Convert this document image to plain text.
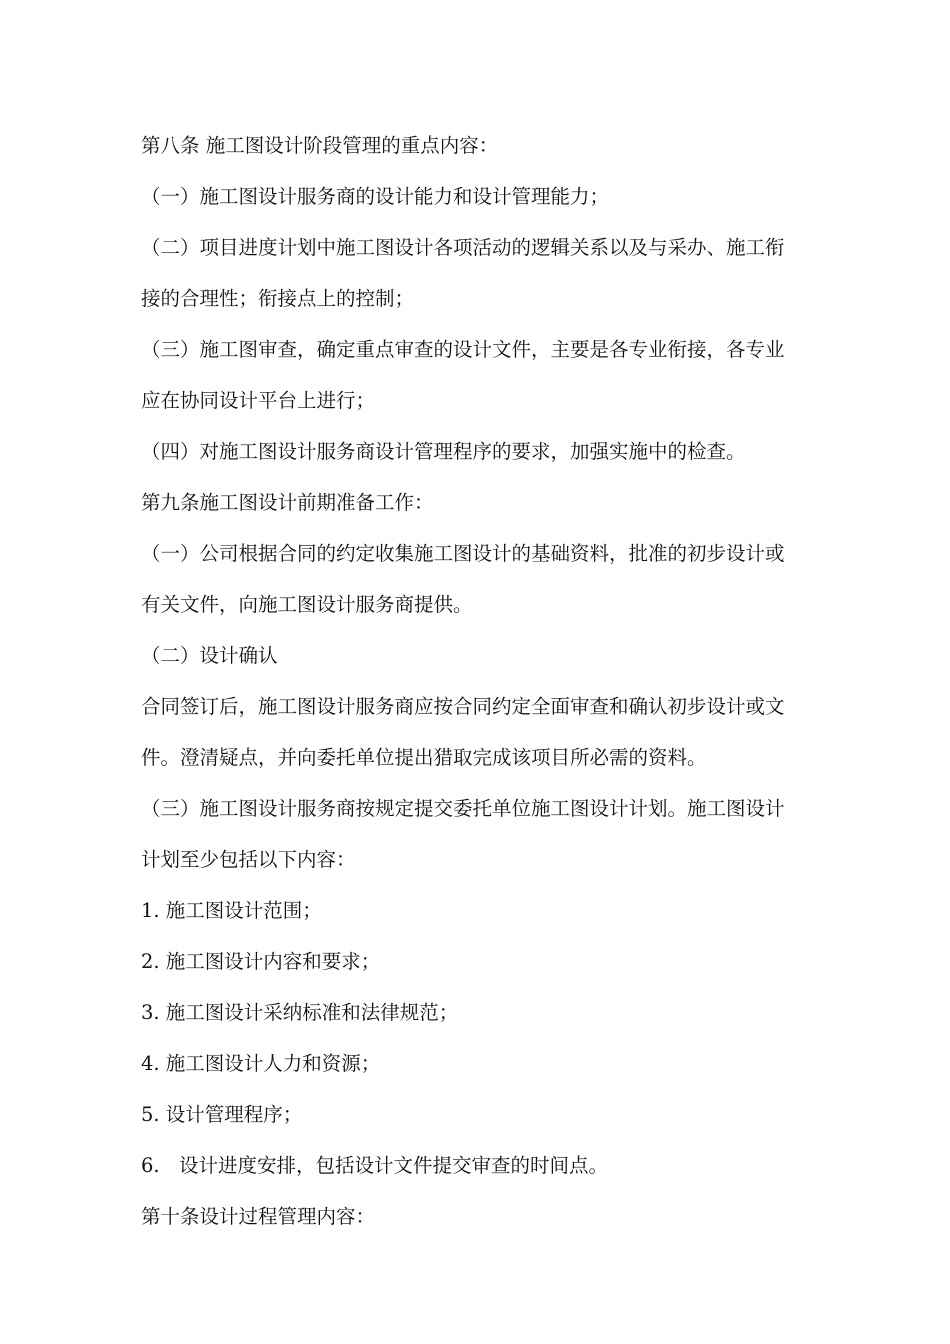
第八条 施工图设计阶段管理的重点内容：
（一）施工图设计服务商的设计能力和设计管理能力；
（二）项目进度计划中施工图设计各项活动的逻辑关系以及与采办、施工衔
接的合理性；衔接点上的控制；
（三）施工图审查，确定重点审查的设计文件，主要是各专业衔接，各专业
应在协同设计平台上进行；
（四）对施工图设计服务商设计管理程序的要求，加强实施中的检查。
第九条施工图设计前期准备工作：
（一）公司根据合同的约定收集施工图设计的基础资料，批准的初步设计或
有关文件，向施工图设计服务商提供。
（二）设计确认
合同签订后，施工图设计服务商应按合同约定全面审查和确认初步设计或文
件。澄清疑点，并向委托单位提出猎取完成该项目所必需的资料。
（三）施工图设计服务商按规定提交委托单位施工图设计计划。施工图设计
计划至少包括以下内容：
1. 施工图设计范围；
2. 施工图设计内容和要求；
3. 施工图设计采纳标准和法律规范；
4. 施工图设计人力和资源；
5. 设计管理程序；
6. 设计进度安排，包括设计文件提交审查的时间点。
第十条设计过程管理内容：
